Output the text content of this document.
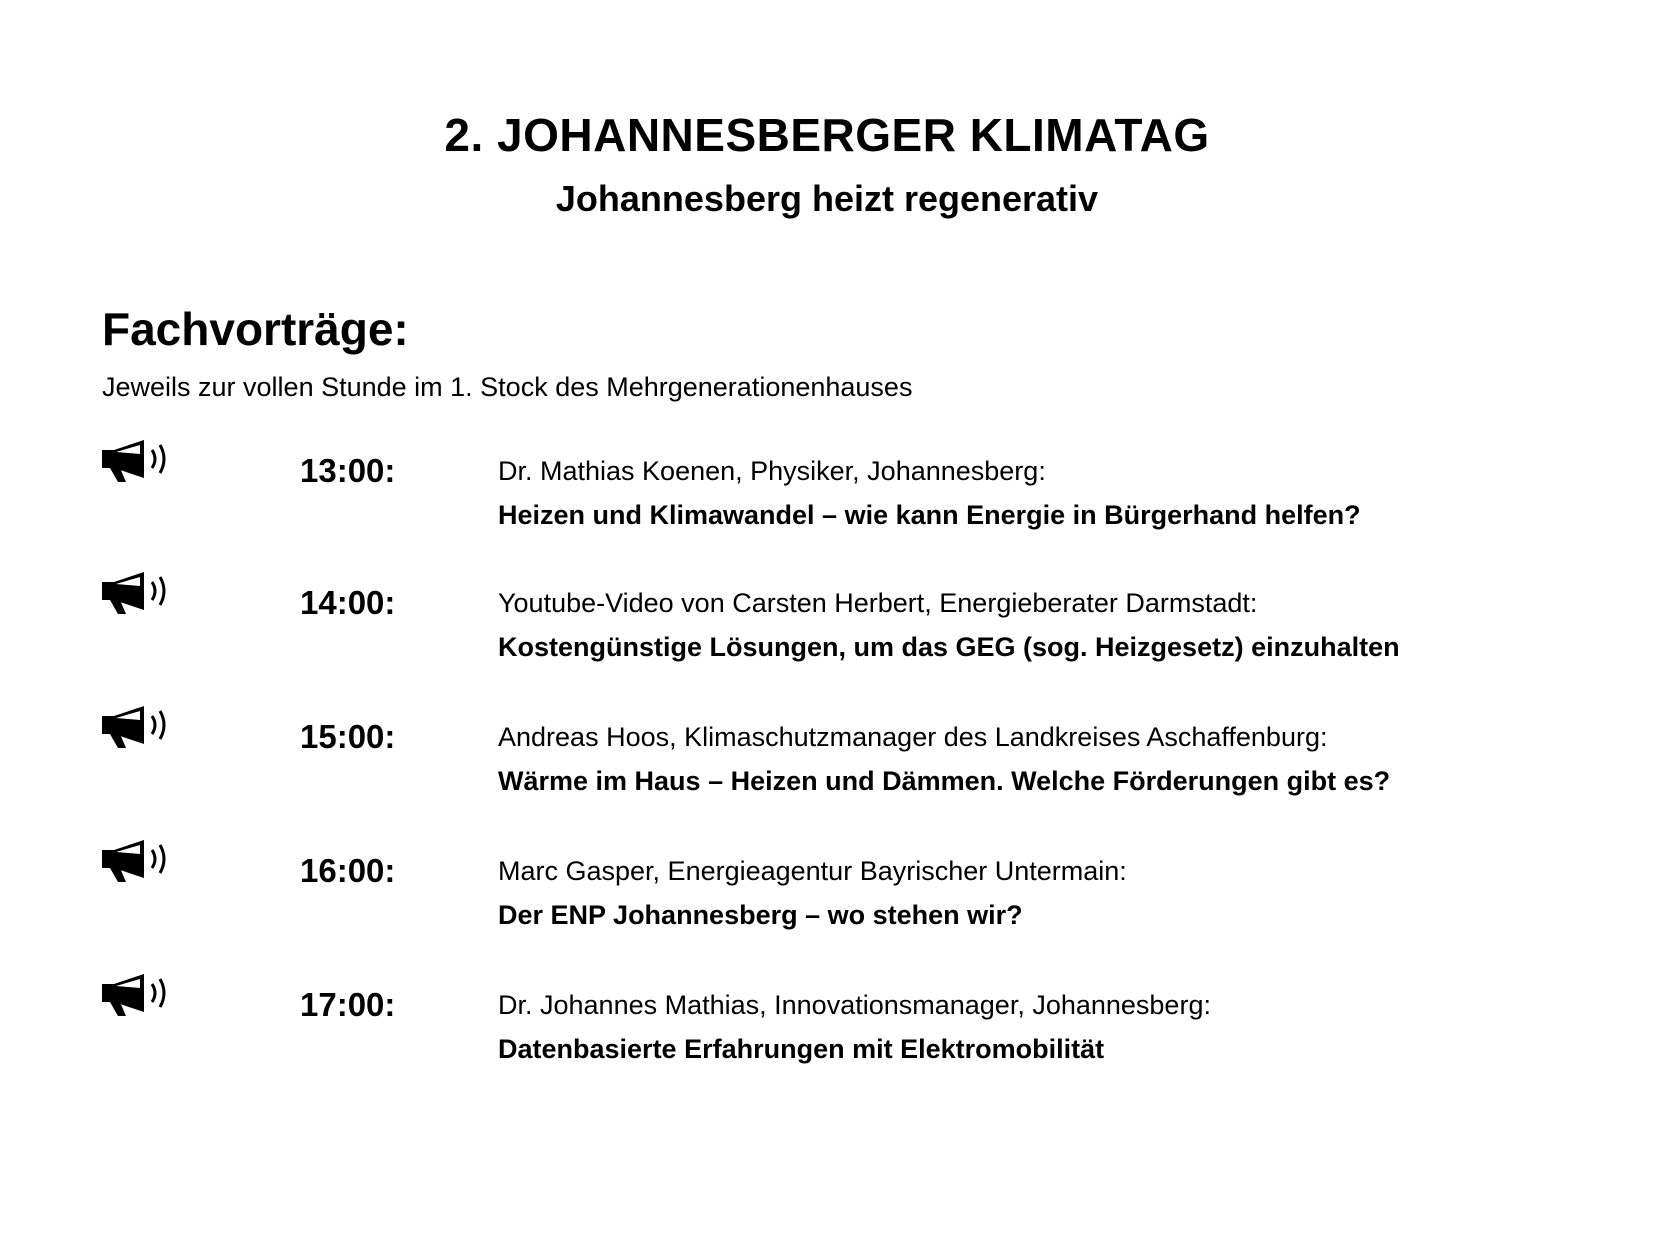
2. JOHANNESBERGER KLIMATAG
Johannesberg heizt regenerativ
Fachvorträge:

Jeweils zur vollen Stunde im 1. Stock des Mehrgenerationenhauses

13:00:	Dr. Mathias Koenen, Physiker, Johannesberg:
Heizen und Klimawandel – wie kann Energie in Bürgerhand helfen?
14:00:	Youtube-Video von Carsten Herbert, Energieberater Darmstadt:
Kostengünstige Lösungen, um das GEG (sog. Heizgesetz) einzuhalten
15:00:	Andreas Hoos, Klimaschutzmanager des Landkreises Aschaffenburg:
Wärme im Haus – Heizen und Dämmen. Welche Förderungen gibt es?
16:00:	Marc Gasper, Energieagentur Bayrischer Untermain:
Der ENP Johannesberg – wo stehen wir?
17:00:	Dr. Johannes Mathias, Innovationsmanager, Johannesberg:
Datenbasierte Erfahrungen mit Elektromobilität
